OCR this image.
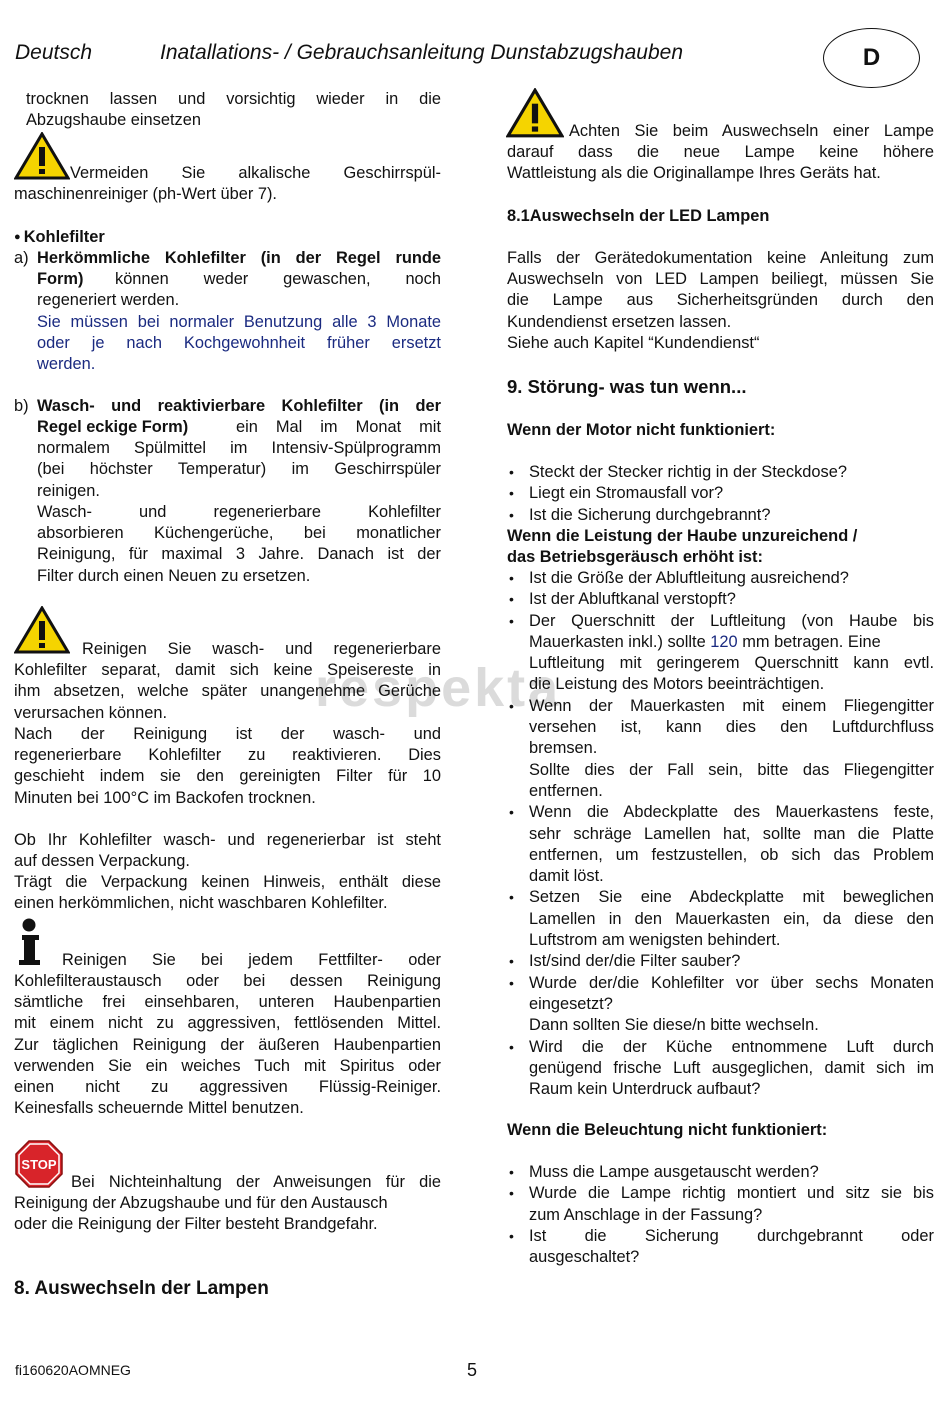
Deutsch	Inatallations- / Gebrauchsanleitung Dunstabzugshauben	D
respekta
trocknen lassen und vorsichtig wieder in die
Abzugshaube einsetzen
Vermeiden Sie alkalische Geschirrspül-
maschinenreiniger (ph-Wert über 7).
● Kohlefilter
a) Herkömmliche Kohlefilter (in der Regel runde
Form) können weder gewaschen, noch
regeneriert werden.
Sie müssen bei normaler Benutzung alle 3 Monate
oder je nach Kochgewohnheit früher ersetzt
werden.
b) Wasch- und reaktivierbare Kohlefilter (in der
Regel eckige Form)	ein Mal im Monat mit
normalem Spülmittel im Intensiv-Spülprogramm
(bei höchster Temperatur) im Geschirrspüler
reinigen.
Wasch- und regenerierbare Kohlefilter
absorbieren Küchengerüche, bei monatlicher
Reinigung, für maximal 3 Jahre. Danach ist der
Filter durch einen Neuen zu ersetzen.
Reinigen Sie wasch- und regenerierbare
Kohlefilter separat, damit sich keine Speisereste in
ihm absetzen, welche später unangenehme Gerüche
verursachen können.
Nach der Reinigung ist der wasch- und
regenerierbare Kohlefilter zu reaktivieren. Dies
geschieht indem sie den gereinigten Filter für 10
Minuten bei 100°C im Backofen trocknen.
Ob Ihr Kohlefilter wasch- und regenerierbar ist steht
auf dessen Verpackung.
Trägt die Verpackung keinen Hinweis, enthält diese
einen herkömmlichen, nicht waschbaren Kohlefilter.
Reinigen Sie bei jedem Fettfilter- oder
Kohlefilteraustausch oder bei dessen Reinigung
sämtliche frei einsehbaren, unteren Haubenpartien
mit einem nicht zu aggressiven, fettlösenden Mittel.
Zur täglichen Reinigung der äußeren Haubenpartien
verwenden Sie ein weiches Tuch mit Spiritus oder
einen nicht zu aggressiven Flüssig-Reiniger.
Keinesfalls scheuernde Mittel benutzen.
STOP
Bei Nichteinhaltung der Anweisungen für die
Reinigung der Abzugshaube und für den Austausch
oder die Reinigung der Filter besteht Brandgefahr.
8. Auswechseln der Lampen
Achten Sie beim Auswechseln einer Lampe
darauf dass die neue Lampe keine höhere
Wattleistung als die Originallampe Ihres Geräts hat.
8.1Auswechseln der LED Lampen
Falls der Gerätedokumentation keine Anleitung zum
Auswechseln von LED Lampen beiliegt, müssen Sie
die Lampe aus Sicherheitsgründen durch den
Kundendienst ersetzen lassen.
Siehe auch Kapitel “Kundendienst“
9. Störung- was tun wenn...
Wenn der Motor nicht funktioniert:
• Steckt der Stecker richtig in der Steckdose?
• Liegt ein Stromausfall vor?
• Ist die Sicherung durchgebrannt?
Wenn die Leistung der Haube unzureichend /
das Betriebsgeräusch erhöht ist:
• Ist die Größe der Abluftleitung ausreichend?
• Ist der Abluftkanal verstopft?
• Der Querschnitt der Luftleitung (von Haube bis
Mauerkasten inkl.) sollte 120 mm betragen. Eine
Luftleitung mit geringerem Querschnitt kann evtl.
die Leistung des Motors beeinträchtigen.
• Wenn der Mauerkasten mit einem Fliegengitter
versehen ist, kann dies den Luftdurchfluss
bremsen.
Sollte dies der Fall sein, bitte das Fliegengitter
entfernen.
• Wenn die Abdeckplatte des Mauerkastens feste,
sehr schräge Lamellen hat, sollte man die Platte
entfernen, um festzustellen, ob sich das Problem
damit löst.
• Setzen Sie eine Abdeckplatte mit beweglichen
Lamellen in den Mauerkasten ein, da diese den
Luftstrom am wenigsten behindert.
• Ist/sind der/die Filter sauber?
• Wurde der/die Kohlefilter vor über sechs Monaten
eingesetzt?
Dann sollten Sie diese/n bitte wechseln.
• Wird die der Küche entnommene Luft durch
genügend frische Luft ausgeglichen, damit sich im
Raum kein Unterdruck aufbaut?
Wenn die Beleuchtung nicht funktioniert:
• Muss die Lampe ausgetauscht werden?
• Wurde die Lampe richtig montiert und sitz sie bis
zum Anschlage in der Fassung?
• Ist die Sicherung durchgebrannt oder
ausgeschaltet?
fi160620AOMNEG	5
